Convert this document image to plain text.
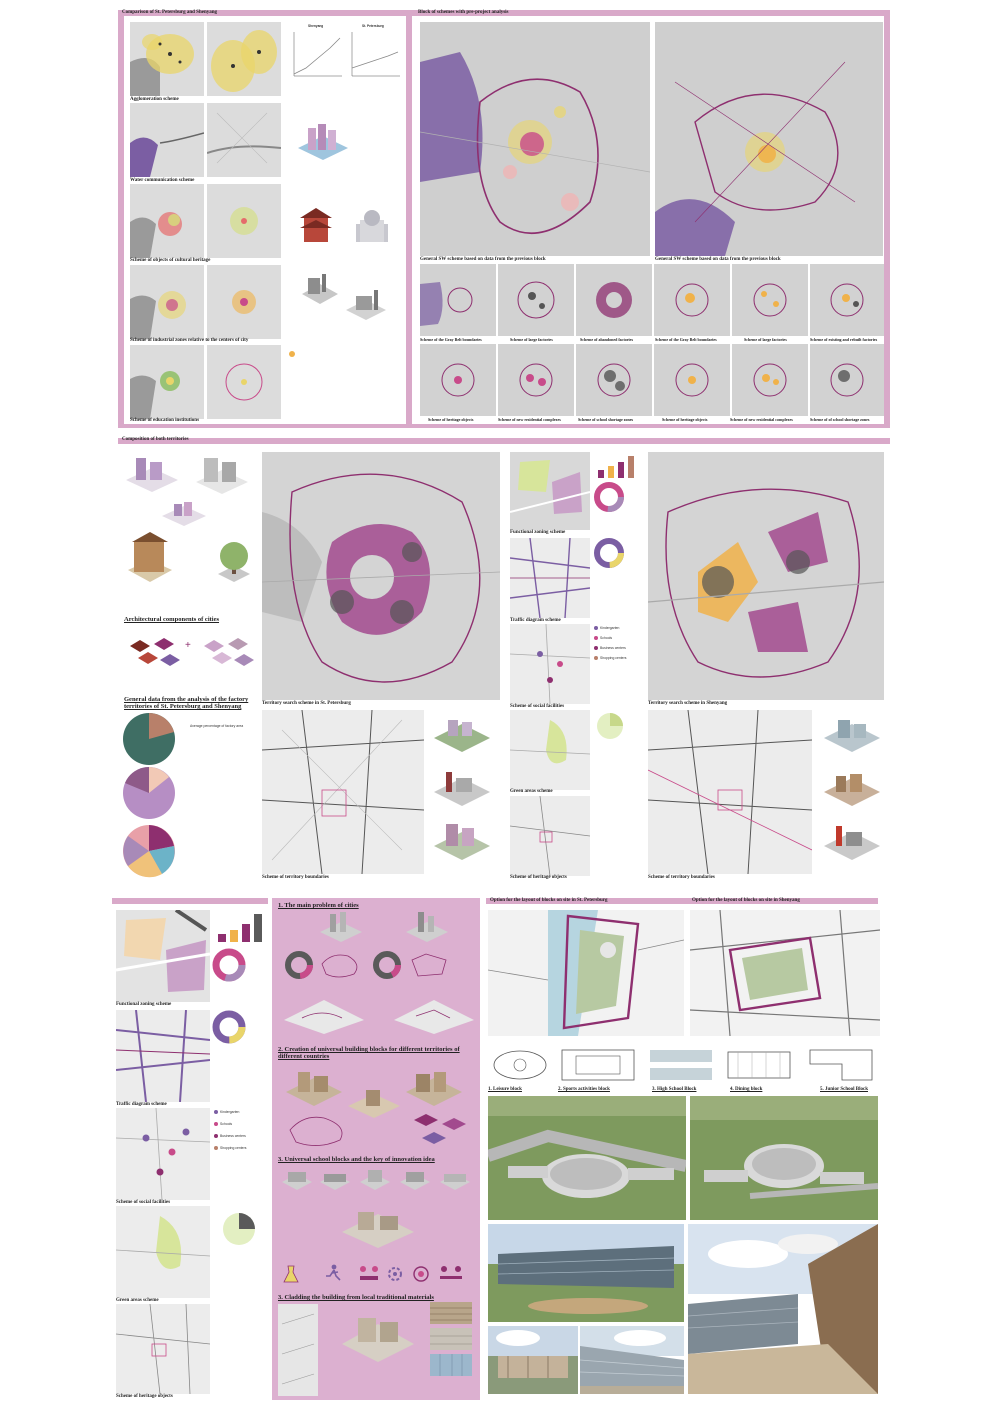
Comparison of St. Petersburg and Shenyang	Block of schemes with pre-project analysis
Agglomeration scheme
Water communication scheme
Scheme of objects of cultural heritage
Scheme of industrial zones relative to the centers of city
Scheme of education institutions
Shenyang	St. Petersburg
General SW scheme based on data from the previous block	General SW scheme based on data from the previous block
Scheme of the Gray Belt boundaries	Scheme of large factories	Scheme of abandoned factories	Scheme of the Gray Belt boundaries	Scheme of large factories	Scheme of existing and rebuilt factories
Scheme of heritage objects	Scheme of new residential complexes	Scheme of school shortage zones	Scheme of heritage objects	Scheme of new residential complexes	Scheme of of school shortage zones
Composition of both territories
Architectural components of cities
+
General data from the analysis of the factory territories of St. Petersburg and Shenyang
Average percentage of factory area
Territory search scheme in St. Petersburg
Scheme of territory boundaries
Functional zoning scheme
Traffic diagram scheme
Scheme of social facilities
Kindergarten
Schools
Business centers
Shopping centers
Green areas scheme
Scheme of heritage objects
Territory search scheme in Shenyang
Scheme of territory boundaries
Functional zoning scheme
Traffic diagram scheme
Scheme of social facilities
Kindergarten
Schools
Business centers
Shopping centers
Green areas scheme
Scheme of heritage objects
1. The main problem of cities
2. Creation of universal building blocks for different territories of different countries
3. Universal school blocks and the key of innovation idea
3. Cladding the building from local traditional materials
Option for the layout of blocks on site in St. Petersburg	Option for the layout of blocks on site in Shenyang
1. Leisure block	2. Sports activities block	3. High School Block	4. Dining block	5. Junior School Block
